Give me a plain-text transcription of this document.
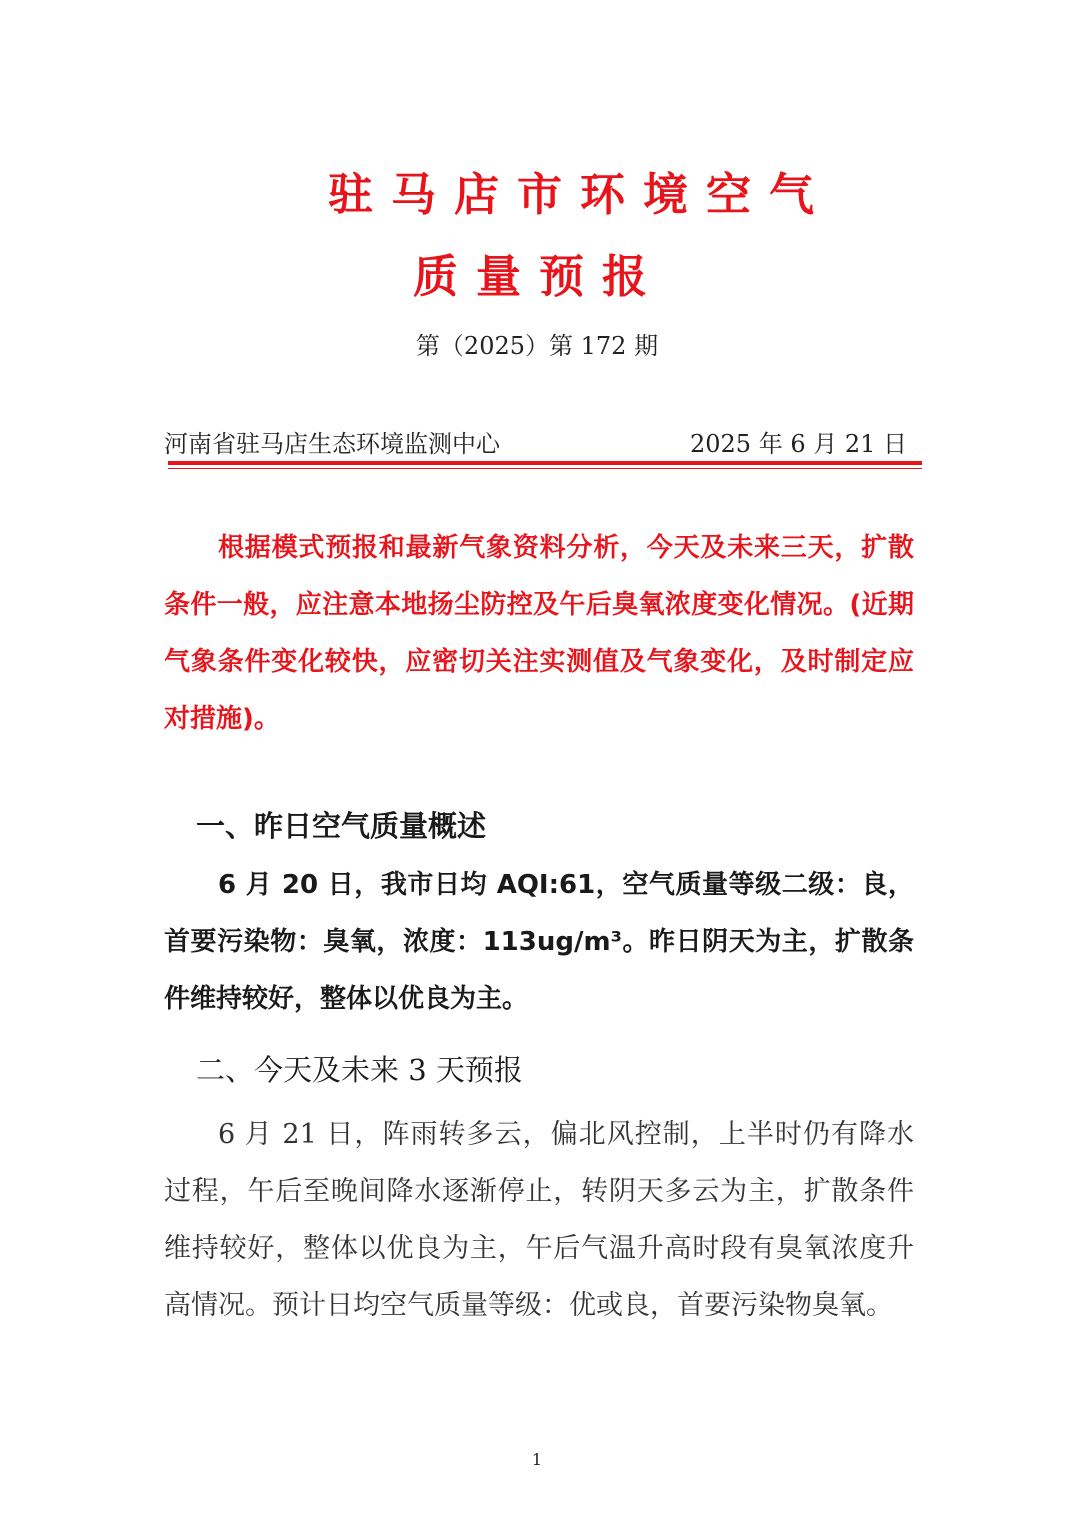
驻马店市环境空气
质量预报
第（2025）第 172 期
河南省驻马店生态环境监测中心	2025 年 6 月 21 日

根据模式预报和最新气象资料分析，今天及未来三天，扩散条件一般，应注意本地扬尘防控及午后臭氧浓度变化情况。(近期气象条件变化较快，应密切关注实测值及气象变化，及时制定应对措施)。

一、昨日空气质量概述

6 月 20 日，我市日均 AQI:61，空气质量等级二级：良，首要污染物：臭氧，浓度：113ug/m³。昨日阴天为主，扩散条件维持较好，整体以优良为主。

二、今天及未来 3 天预报

6 月 21 日，阵雨转多云，偏北风控制，上半时仍有降水过程，午后至晚间降水逐渐停止，转阴天多云为主，扩散条件维持较好，整体以优良为主，午后气温升高时段有臭氧浓度升高情况。预计日均空气质量等级：优或良，首要污染物臭氧。

1
